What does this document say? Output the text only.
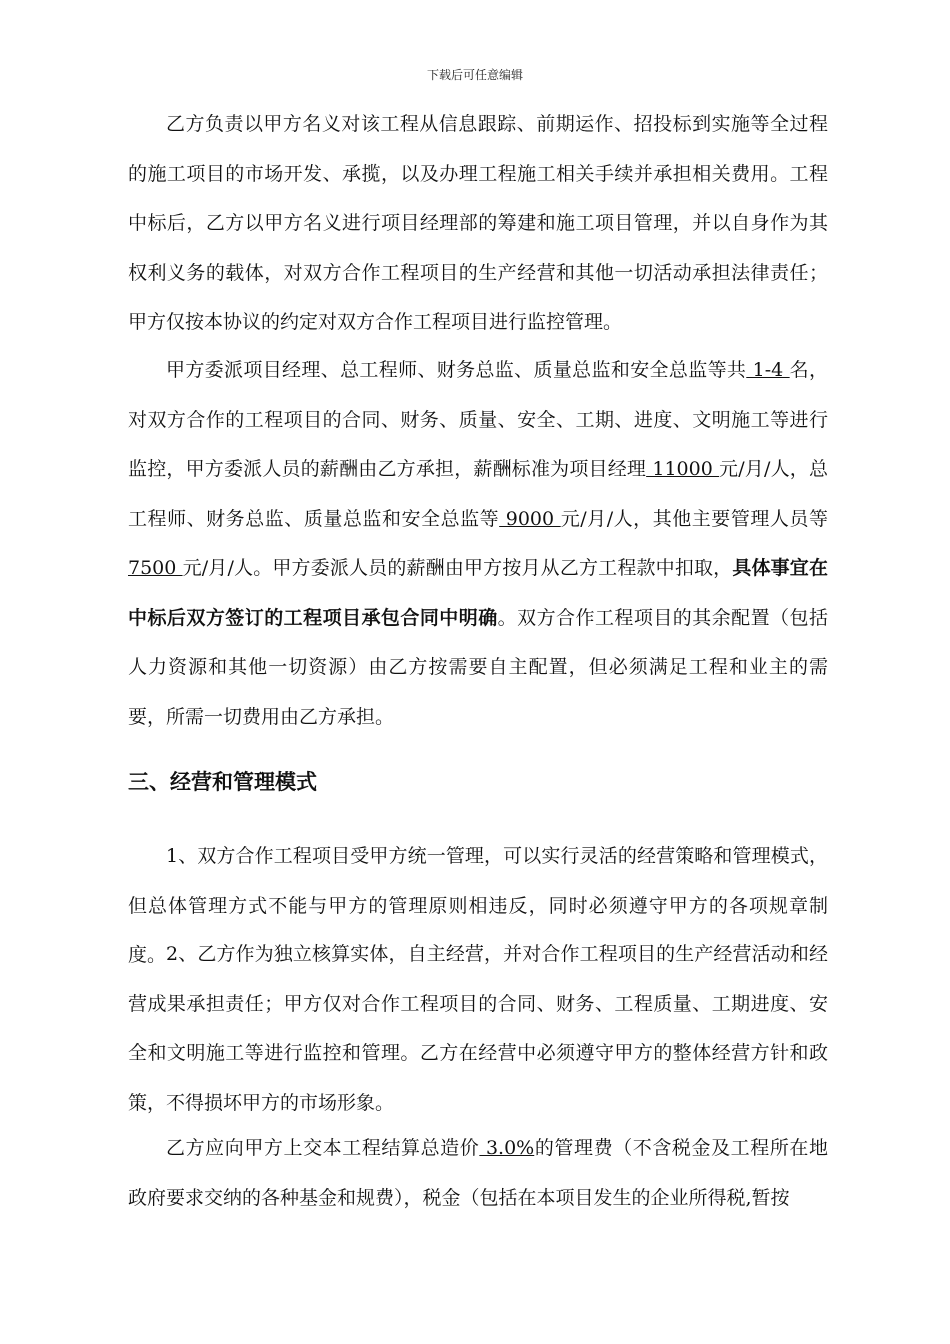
下载后可任意编辑

乙方负责以甲方名义对该工程从信息跟踪、前期运作、招投标到实施等全过程的施工项目的市场开发、承揽，以及办理工程施工相关手续并承担相关费用。工程中标后，乙方以甲方名义进行项目经理部的筹建和施工项目管理，并以自身作为其权利义务的载体，对双方合作工程项目的生产经营和其他一切活动承担法律责任；甲方仅按本协议的约定对双方合作工程项目进行监控管理。

甲方委派项目经理、总工程师、财务总监、质量总监和安全总监等共 1-4 名，对双方合作的工程项目的合同、财务、质量、安全、工期、进度、文明施工等进行监控，甲方委派人员的薪酬由乙方承担，薪酬标准为项目经理 11000 元/月/人，总工程师、财务总监、质量总监和安全总监等 9000 元/月/人，其他主要管理人员等7500 元/月/人。甲方委派人员的薪酬由甲方按月从乙方工程款中扣取，具体事宜在中标后双方签订的工程项目承包合同中明确。双方合作工程项目的其余配置（包括人力资源和其他一切资源）由乙方按需要自主配置，但必须满足工程和业主的需要，所需一切费用由乙方承担。

三、经营和管理模式

1、双方合作工程项目受甲方统一管理，可以实行灵活的经营策略和管理模式，但总体管理方式不能与甲方的管理原则相违反，同时必须遵守甲方的各项规章制度。 2、乙方作为独立核算实体，自主经营，并对合作工程项目的生产经营活动和经营成果承担责任；甲方仅对合作工程项目的合同、财务、工程质量、工期进度、安全和文明施工等进行监控和管理。乙方在经营中必须遵守甲方的整体经营方针和政策，不得损坏甲方的市场形象。

乙方应向甲方上交本工程结算总造价 3.0%的管理费（不含税金及工程所在地政府要求交纳的各种基金和规费），税金（包括在本项目发生的企业所得税,暂按
